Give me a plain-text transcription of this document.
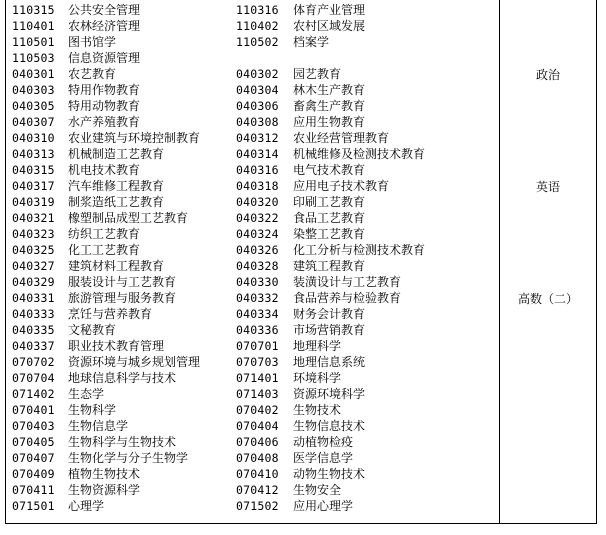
110315 公共安全管理	110316 体育产业管理
110401 农林经济管理	110402 农村区域发展
110501 图书馆学	110502 档案学
110503 信息资源管理
040301 农艺教育	040302 园艺教育
040303 特用作物教育	040304 林木生产教育
040305 特用动物教育	040306 畜禽生产教育
040307 水产养殖教育	040308 应用生物教育
040310 农业建筑与环境控制教育	040312 农业经营管理教育
040313 机械制造工艺教育	040314 机械维修及检测技术教育
040315 机电技术教育	040316 电气技术教育
040317 汽车维修工程教育	040318 应用电子技术教育
040319 制浆造纸工艺教育	040320 印刷工艺教育
040321 橡塑制品成型工艺教育	040322 食品工艺教育
040323 纺织工艺教育	040324 染整工艺教育
040325 化工工艺教育	040326 化工分析与检测技术教育
040327 建筑材料工程教育	040328 建筑工程教育
040329 服装设计与工艺教育	040330 装潢设计与工艺教育
040331 旅游管理与服务教育	040332 食品营养与检验教育
040333 烹饪与营养教育	040334 财务会计教育
040335 文秘教育	040336 市场营销教育
040337 职业技术教育管理	070701 地理科学
070702 资源环境与城乡规划管理	070703 地理信息系统
070704 地球信息科学与技术	071401 环境科学
071402 生态学	071403 资源环境科学
070401 生物科学	070402 生物技术
070403 生物信息学	070404 生物信息技术
070405 生物科学与生物技术	070406 动植物检疫
070407 生物化学与分子生物学	070408 医学信息学
070409 植物生物技术	070410 动物生物技术
070411 生物资源科学	070412 生物安全
071501 心理学	071502 应用心理学
政治
英语
高数（二）
